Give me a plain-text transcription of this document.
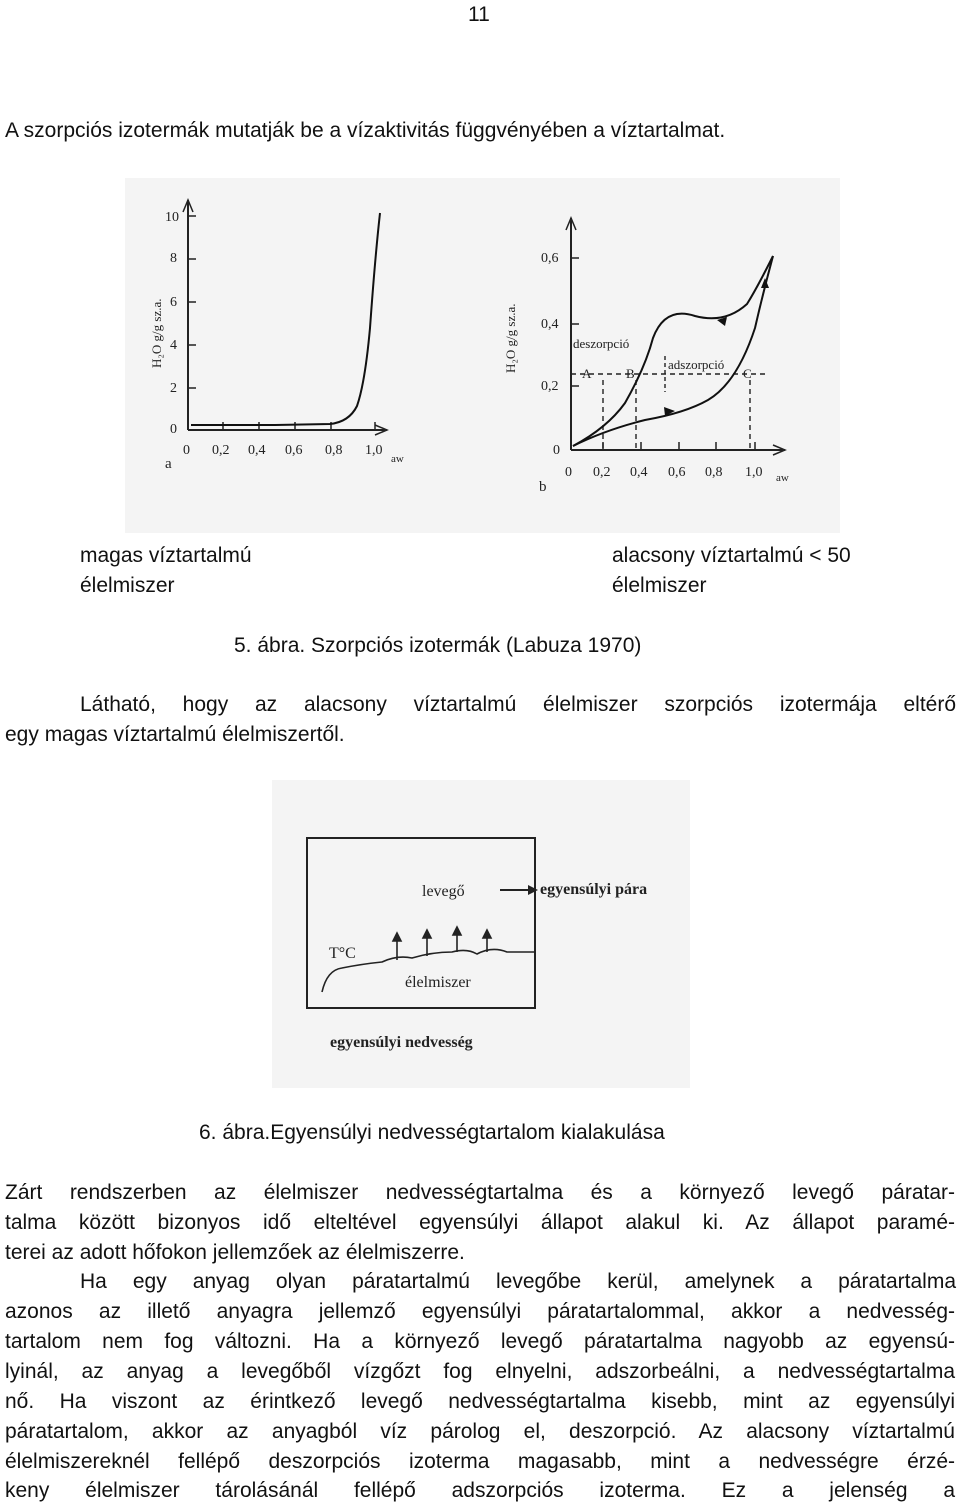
11
A szorpciós izotermák mutatják be a vízaktivitás függvényében a víztartalmat.
0
2
4
6
8
10
0 0,2 0,4 0,6 0,8 1,0
aw
a
H₂O g/g sz.a.
0
0,2
0,4
0,6
0 0,2 0,4 0,6 0,8 1,0 aw
b
H₂O g/g sz.a.	deszorpció
adszorpció
A	B	C
magas víztartalmú
élelmiszer
alacsony víztartalmú < 50
élelmiszer
5. ábra. Szorpciós izotermák (Labuza 1970)
Látható, hogy az alacsony víztartalmú élelmiszer szorpciós izotermája eltérő
egy magas víztartalmú élelmiszertől.
levegő	egyensúlyi pára
T°C
élelmiszer
egyensúlyi nedvesség
6. ábra.Egyensúlyi nedvességtartalom kialakulása
Zárt rendszerben az élelmiszer nedvességtartalma és a környező levegő páratar-
talma között bizonyos idő elteltével egyensúlyi állapot alakul ki. Az állapot paramé-
terei az adott hőfokon jellemzőek az élelmiszerre.
Ha egy anyag olyan páratartalmú levegőbe kerül, amelynek a páratartalma
azonos az illető anyagra jellemző egyensúlyi páratartalommal, akkor a nedvesség-
tartalom nem fog változni. Ha a környező levegő páratartalma nagyobb az egyensú-
lyinál, az anyag a levegőből vízgőzt fog elnyelni, adszorbeálni, a nedvességtartalma
nő. Ha viszont az érintkező levegő nedvességtartalma kisebb, mint az egyensúlyi
páratartalom, akkor az anyagból víz párolog el, deszorpció. Az alacsony víztartalmú
élelmiszereknél fellépő deszorpciós izoterma magasabb, mint a nedvességre érzé-
keny élelmiszer tárolásánál fellépő adszorpciós izoterma. Ez a jelenség a
